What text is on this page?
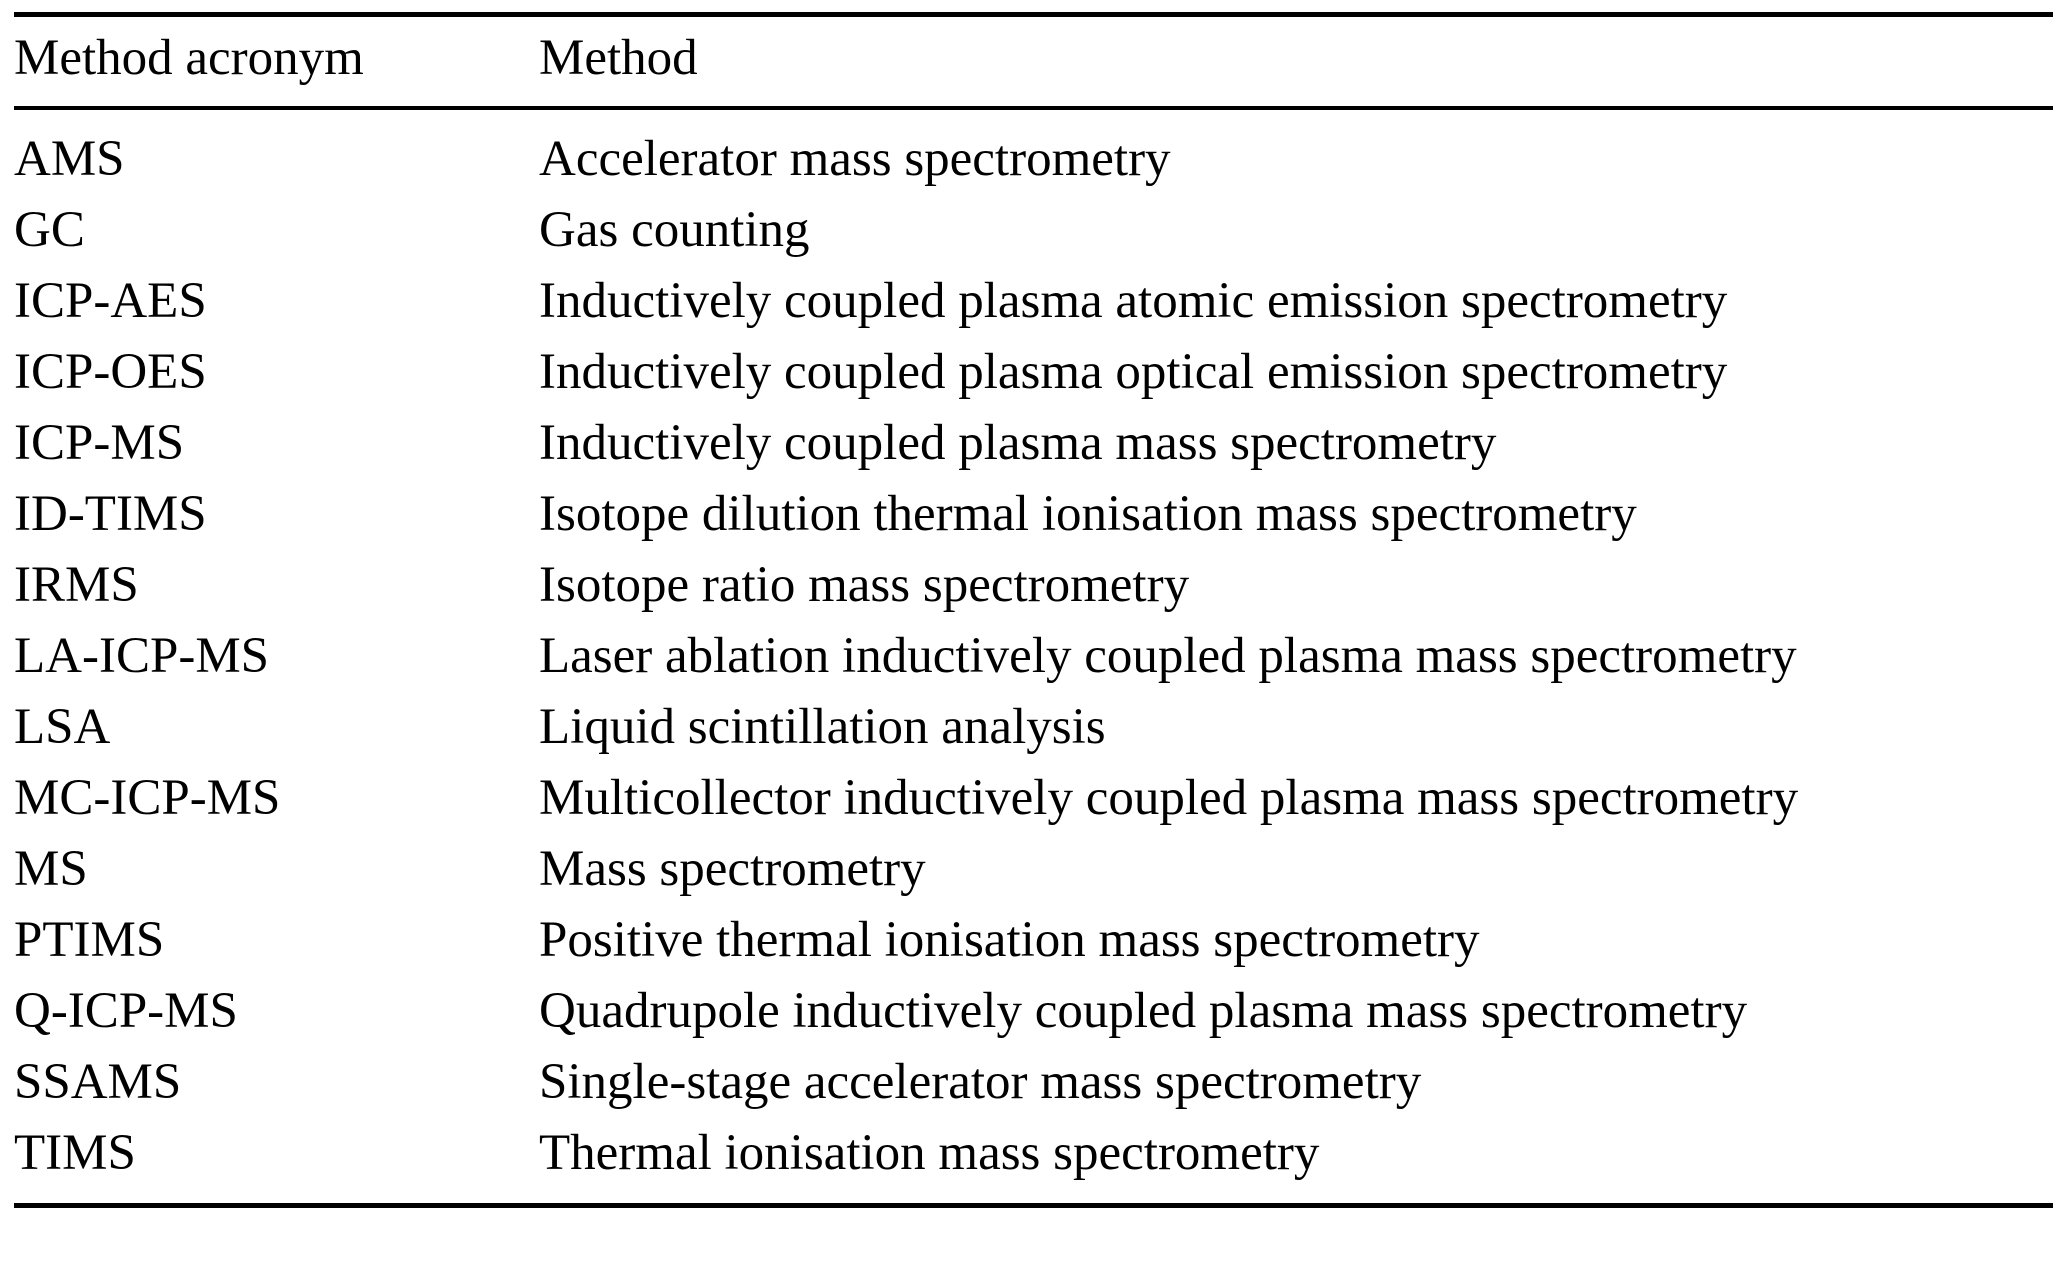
Method acronym	Method
AMS	Accelerator mass spectrometry
GC	Gas counting
ICP-AES	Inductively coupled plasma atomic emission spectrometry
ICP-OES	Inductively coupled plasma optical emission spectrometry
ICP-MS	Inductively coupled plasma mass spectrometry
ID-TIMS	Isotope dilution thermal ionisation mass spectrometry
IRMS	Isotope ratio mass spectrometry
LA-ICP-MS	Laser ablation inductively coupled plasma mass spectrometry
LSA	Liquid scintillation analysis
MC-ICP-MS	Multicollector inductively coupled plasma mass spectrometry
MS	Mass spectrometry
PTIMS	Positive thermal ionisation mass spectrometry
Q-ICP-MS	Quadrupole inductively coupled plasma mass spectrometry
SSAMS	Single-stage accelerator mass spectrometry
TIMS	Thermal ionisation mass spectrometry
